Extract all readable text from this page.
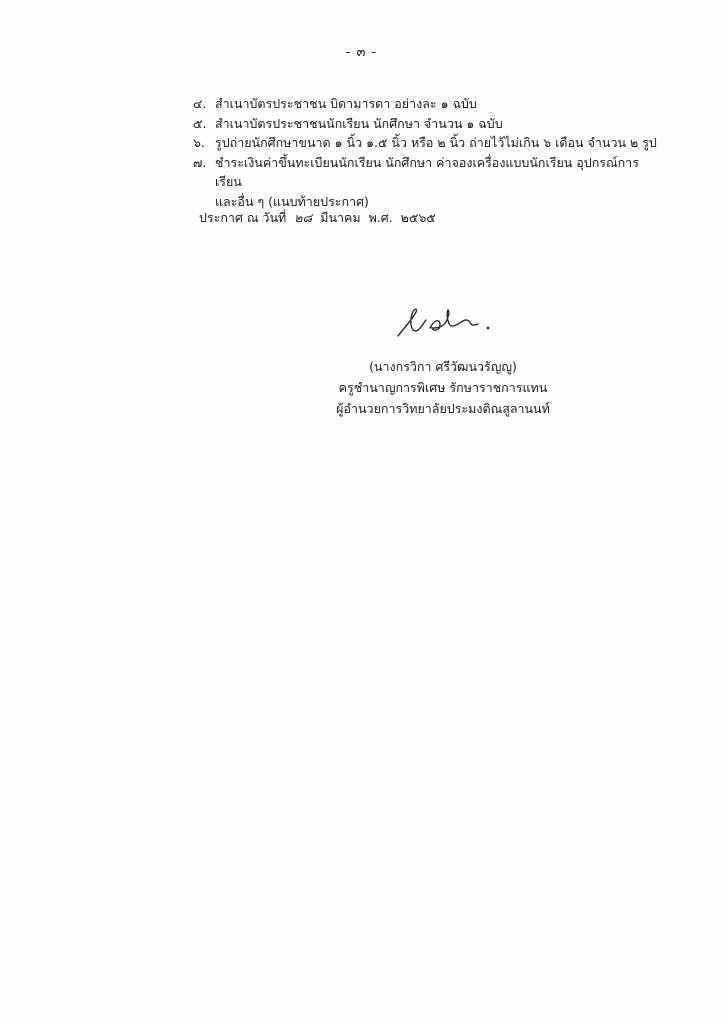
- ๓ -
๔. สำเนาบัตรประชาชน บิดามารดา อย่างละ ๑ ฉบับ
๕. สำเนาบัตรประชาชนนักเรียน นักศึกษา จำนวน ๑ ฉบับ
๖. รูปถ่ายนักศึกษาขนาด ๑ นิ้ว ๑.๕ นิ้ว หรือ ๒ นิ้ว ถ่ายไว้ไม่เกิน ๖ เดือน จำนวน ๒ รูป
๗. ชำระเงินค่าขึ้นทะเบียนนักเรียน นักศึกษา ค่าจองเครื่องแบบนักเรียน อุปกรณ์การเรียน
และอื่น ๆ (แนบท้ายประกาศ)
ประกาศ ณ วันที่ ๒๘ มีนาคม พ.ศ. ๒๕๖๕
(นางกรวิกา ศรีวัฒนวรัญญู)
ครูชำนาญการพิเศษ รักษาราชการแทน
ผู้อำนวยการวิทยาลัยประมงติณสูลานนท์
